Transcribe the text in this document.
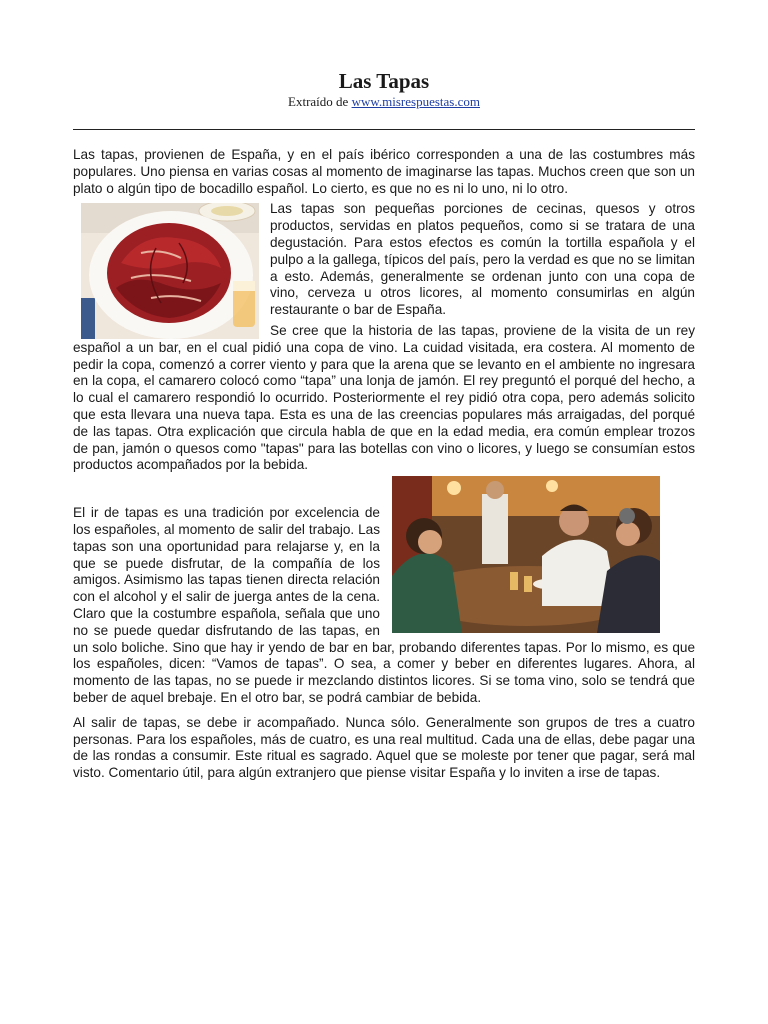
Las Tapas
Extraído de www.misrespuestas.com

Las tapas, provienen de España, y en el país ibérico corresponden a una de las costumbres más populares. Uno piensa en varias cosas al momento de imaginarse las tapas. Muchos creen que son un plato o algún tipo de bocadillo español. Lo cierto, es que no es ni lo uno, ni lo otro.

Las tapas son pequeñas porciones de cecinas, quesos y otros productos, servidas en platos pequeños, como si se tratara de una degustación. Para estos efectos es común la tortilla española y el pulpo a la gallega, típicos del país, pero la verdad es que no se limitan a esto. Además, generalmente se ordenan junto con una copa de vino, cerveza u otros licores, al momento consumirlas en algún restaurante o bar de España.

Se cree que la historia de las tapas, proviene de la visita de un rey español a un bar, en el cual pidió una copa de vino. La cuidad visitada, era costera. Al momento de pedir la copa, comenzó a correr viento y para que la arena que se levanto en el ambiente no ingresara en la copa, el camarero colocó como “tapa” una lonja de jamón. El rey preguntó el porqué del hecho, a lo cual el camarero respondió lo ocurrido. Posteriormente el rey pidió otra copa, pero además solicito que esta llevara una nueva tapa. Esta es una de las creencias populares más arraigadas, del porqué de las tapas. Otra explicación que circula habla de que en la edad media, era común emplear trozos de pan, jamón o quesos como "tapas" para las botellas con vino o licores, y luego se consumían estos productos acompañados por la bebida.

El ir de tapas es una tradición por excelencia de los españoles, al momento de salir del trabajo. Las tapas son una oportunidad para relajarse y, en la que se puede disfrutar, de la compañía de los amigos. Asimismo las tapas tienen directa relación con el alcohol y el salir de juerga antes de la cena. Claro que la costumbre española, señala que uno no se puede quedar disfrutando de las tapas, en un solo boliche. Sino que hay ir yendo de bar en bar, probando diferentes tapas. Por lo mismo, es que los españoles, dicen: “Vamos de tapas”. O sea, a comer y beber en diferentes lugares. Ahora, al momento de las tapas, no se puede ir mezclando distintos licores. Si se toma vino, solo se tendrá que beber de aquel brebaje. En el otro bar, se podrá cambiar de bebida.

Al salir de tapas, se debe ir acompañado. Nunca sólo. Generalmente son grupos de tres a cuatro personas. Para los españoles, más de cuatro, es una real multitud. Cada una de ellas, debe pagar una de las rondas a consumir. Este ritual es sagrado. Aquel que se moleste por tener que pagar, será mal visto. Comentario útil, para algún extranjero que piense visitar España y lo inviten a irse de tapas.
